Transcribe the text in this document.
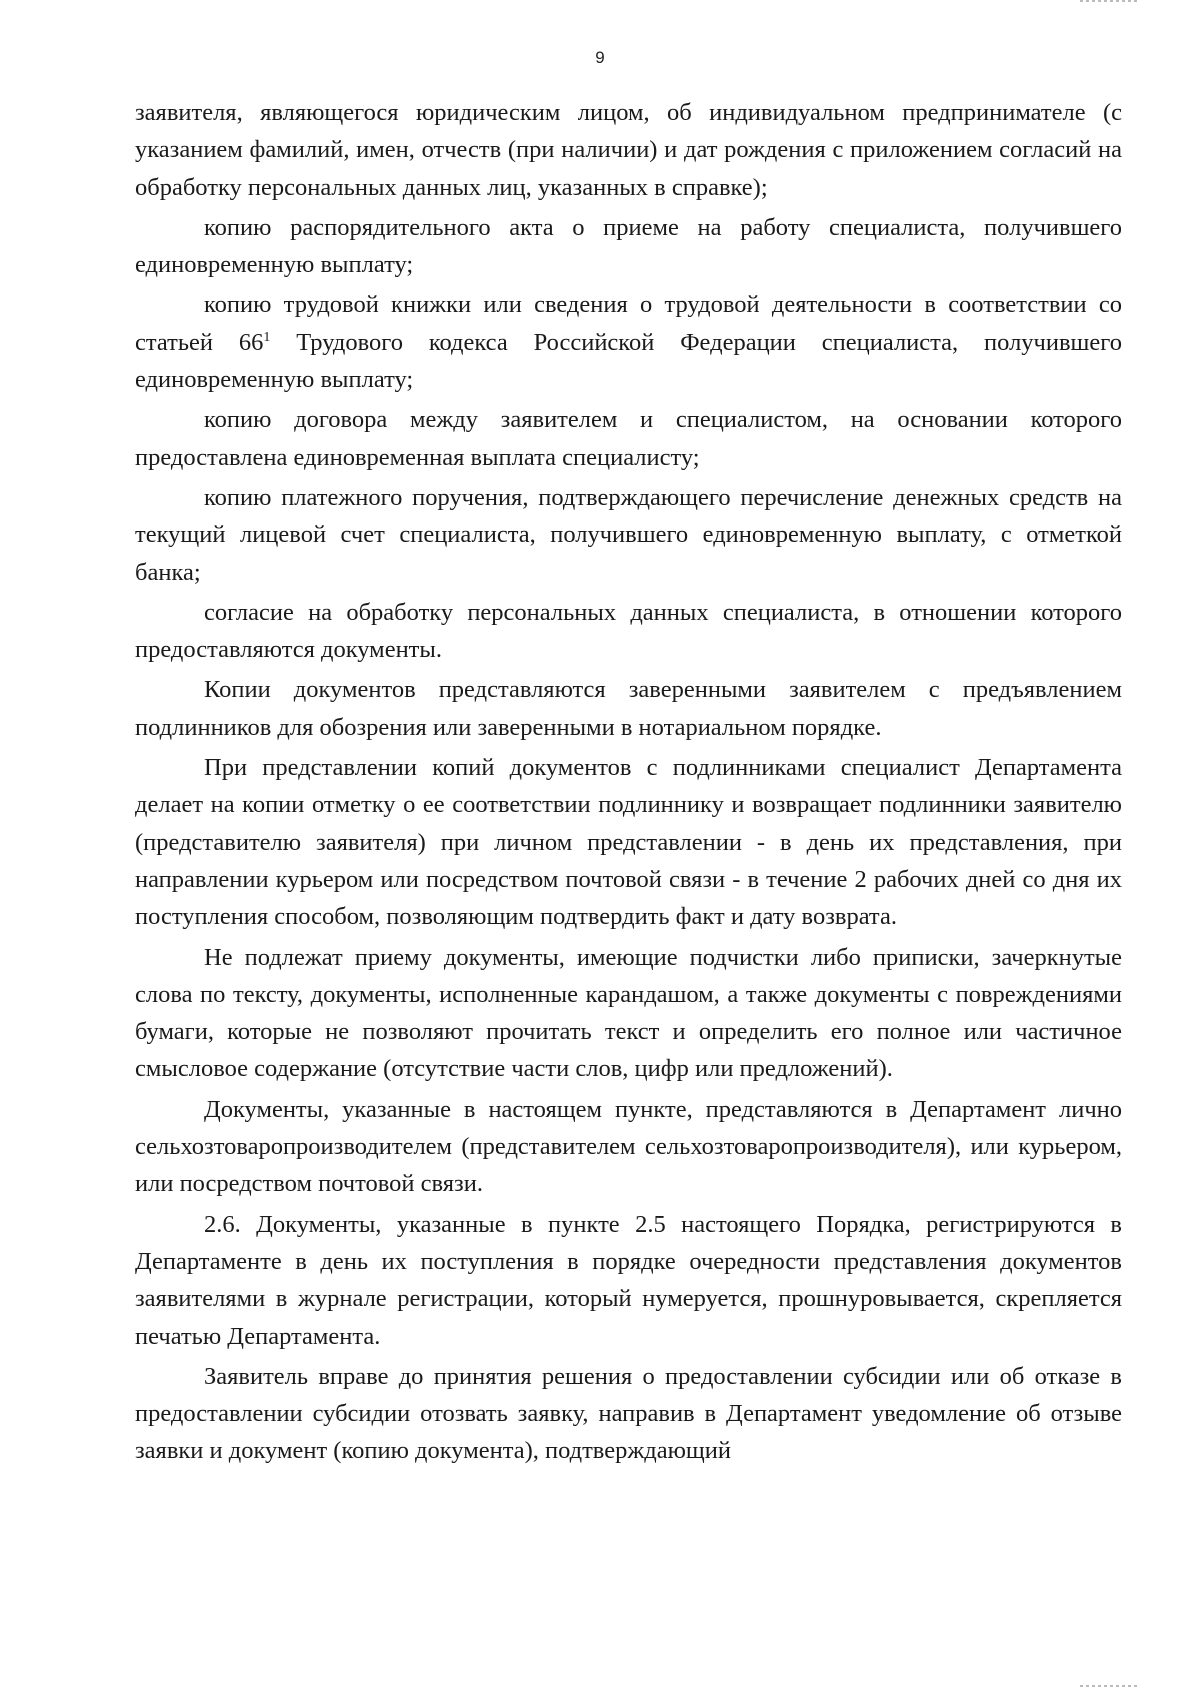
9

заявителя, являющегося юридическим лицом, об индивидуальном предпринимателе (с указанием фамилий, имен, отчеств (при наличии) и дат рождения с приложением согласий на обработку персональных данных лиц, указанных в справке);

копию распорядительного акта о приеме на работу специалиста, получившего единовременную выплату;

копию трудовой книжки или сведения о трудовой деятельности в соответствии со статьей $66^1$ Трудового кодекса Российской Федерации специалиста, получившего единовременную выплату;

копию договора между заявителем и специалистом, на основании которого предоставлена единовременная выплата специалисту;

копию платежного поручения, подтверждающего перечисление денежных средств на текущий лицевой счет специалиста, получившего единовременную выплату, с отметкой банка;

согласие на обработку персональных данных специалиста, в отношении которого предоставляются документы.

Копии документов представляются заверенными заявителем с предъявлением подлинников для обозрения или заверенными в нотариальном порядке.

При представлении копий документов с подлинниками специалист Департамента делает на копии отметку о ее соответствии подлиннику и возвращает подлинники заявителю (представителю заявителя) при личном представлении - в день их представления, при направлении курьером или посредством почтовой связи - в течение 2 рабочих дней со дня их поступления способом, позволяющим подтвердить факт и дату возврата.

Не подлежат приему документы, имеющие подчистки либо приписки, зачеркнутые слова по тексту, документы, исполненные карандашом, а также документы с повреждениями бумаги, которые не позволяют прочитать текст и определить его полное или частичное смысловое содержание (отсутствие части слов, цифр или предложений).

Документы, указанные в настоящем пункте, представляются в Департамент лично сельхозтоваропроизводителем (представителем сельхозтоваропроизводителя), или курьером, или посредством почтовой связи.

2.6. Документы, указанные в пункте 2.5 настоящего Порядка, регистрируются в Департаменте в день их поступления в порядке очередности представления документов заявителями в журнале регистрации, который нумеруется, прошнуровывается, скрепляется печатью Департамента.

Заявитель вправе до принятия решения о предоставлении субсидии или об отказе в предоставлении субсидии отозвать заявку, направив в Департамент уведомление об отзыве заявки и документ (копию документа), подтверждающий
